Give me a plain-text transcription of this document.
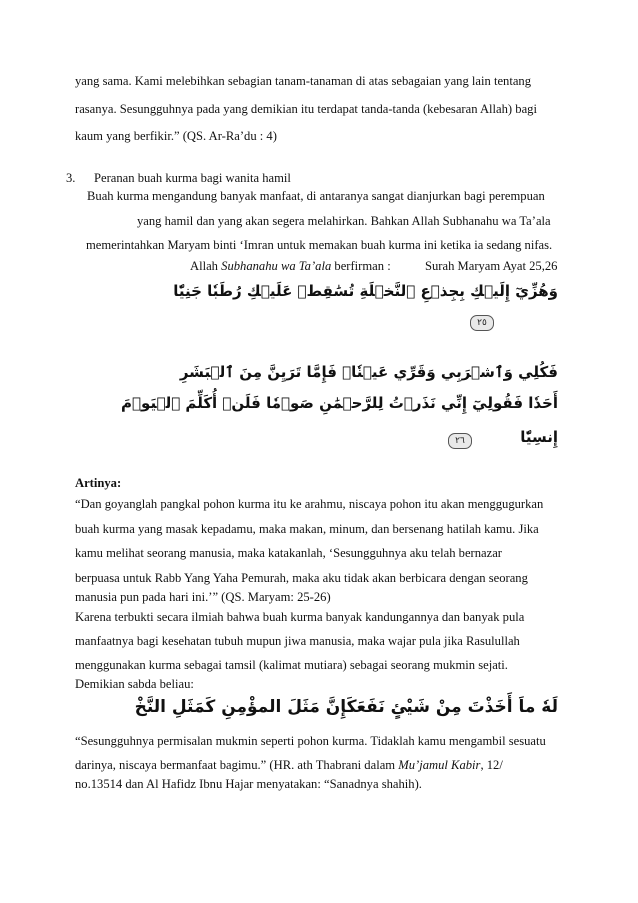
yang sama. Kami melebihkan sebagian tanam-tanaman di atas sebagaian yang lain tentang
rasanya. Sesungguhnya pada yang demikian itu terdapat tanda-tanda (kebesaran Allah) bagi
kaum yang berfikir.” (QS. Ar-Ra’du : 4)
3. Peranan buah kurma bagi wanita hamil
Buah kurma mengandung banyak manfaat, di antaranya sangat dianjurkan bagi perempuan
yang hamil dan yang akan segera melahirkan. Bahkan Allah Subhanahu wa Ta’ala
memerintahkan Maryam binti ‘Imran untuk memakan buah kurma ini ketika ia sedang nifas.
Allah Subhanahu wa Ta’ala berfirman :	Surah Maryam Ayat 25,26
وَهُزِّيٓ إِلَيۡكِ بِجِذۡعِ ٱلنَّخۡلَةِ تُسَٰقِطۡ عَلَيۡكِ رُطَبٗا جَنِيّٗا
٢٥
فَكُلِي وَٱشۡرَبِي وَقَرِّي عَيۡنٗاۖ فَإِمَّا تَرَيِنَّ مِنَ ٱلۡبَشَرِ
أَحَدٗا فَقُولِيٓ إِنِّي نَذَرۡتُ لِلرَّحۡمَٰنِ صَوۡمٗا فَلَنۡ أُكَلِّمَ ٱلۡيَوۡمَ
إِنسِيّٗا
٢٦
Artinya:
“Dan goyanglah pangkal pohon kurma itu ke arahmu, niscaya pohon itu akan menggugurkan
buah kurma yang masak kepadamu, maka makan, minum, dan bersenang hatilah kamu. Jika
kamu melihat seorang manusia, maka katakanlah, ‘Sesungguhnya aku telah bernazar
berpuasa untuk Rabb Yang Yaha Pemurah, maka aku tidak akan berbicara dengan seorang
manusia pun pada hari ini.’” (QS. Maryam: 25-26)
Karena terbukti secara ilmiah bahwa buah kurma banyak kandungannya dan banyak pula
manfaatnya bagi kesehatan tubuh mupun jiwa manusia, maka wajar pula jika Rasulullah
menggunakan kurma sebagai tamsil (kalimat mutiara) sebagai seorang mukmin sejati.
Demikian sabda beliau:
لَهٗ ماَ أَخَذْتَ مِنْ شَيْئٍ نَفَعَكَإِنَّ مَثَلَ المؤْمِنِ كَمَثَلِ النَّخْ
“Sesungguhnya permisalan mukmin seperti pohon kurma. Tidaklah kamu mengambil sesuatu
darinya, niscaya bermanfaat bagimu.” (HR. ath Thabrani dalam Mu’jamul Kabir, 12/
no.13514 dan Al Hafidz Ibnu Hajar menyatakan: “Sanadnya shahih).
